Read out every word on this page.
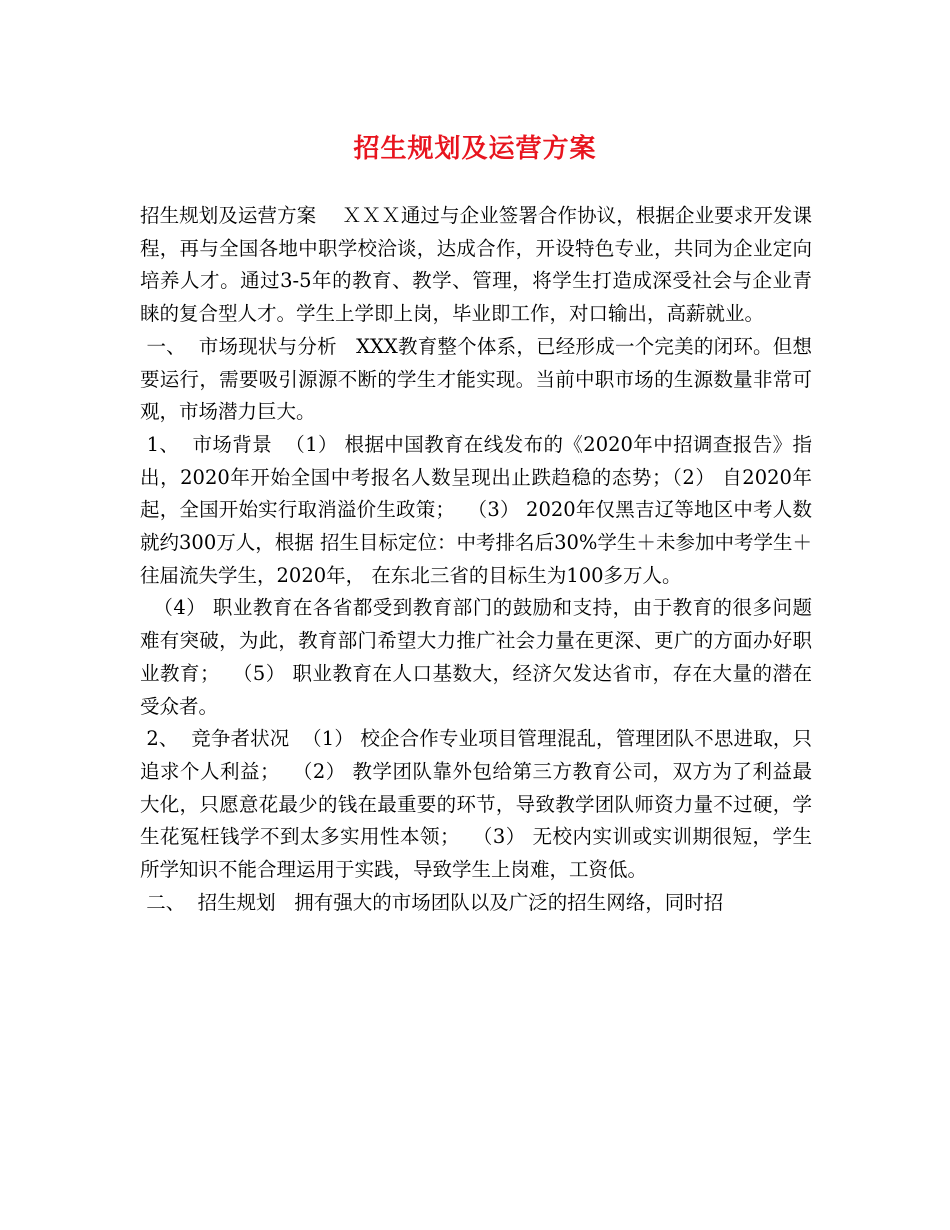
招生规划及运营方案

招生规划及运营方案 　ＸＸＸ通过与企业签署合作协议，根据企业要求开发课程，再与全国各地中职学校洽谈，达成合作，开设特色专业，共同为企业定向培养人才。通过3-5年的教育、教学、管理，将学生打造成深受社会与企业青睐的复合型人才。学生上学即上岗，毕业即工作，对口输出，高薪就业。

一、  市场现状与分析   XXX教育整个体系，已经形成一个完美的闭环。但想要运行，需要吸引源源不断的学生才能实现。当前中职市场的生源数量非常可观，市场潜力巨大。

1、  市场背景  （1） 根据中国教育在线发布的《2020年中招调查报告》指出，2020年开始全国中考报名人数呈现出止跌趋稳的态势；（2） 自2020年起，全国开始实行取消溢价生政策；  （3） 2020年仅黑吉辽等地区中考人数就约300万人，根据 招生目标定位：中考排名后30%学生＋未参加中考学生＋往届流失学生，2020年， 在东北三省的目标生为100多万人。

（4） 职业教育在各省都受到教育部门的鼓励和支持，由于教育的很多问题难有突破，为此，教育部门希望大力推广社会力量在更深、更广的方面办好职业教育；  （5） 职业教育在人口基数大，经济欠发达省市，存在大量的潜在受众者。

2、  竞争者状况  （1） 校企合作专业项目管理混乱，管理团队不思进取，只追求个人利益；  （2） 教学团队靠外包给第三方教育公司，双方为了利益最大化，只愿意花最少的钱在最重要的环节，导致教学团队师资力量不过硬，学生花冤枉钱学不到太多实用性本领；  （3） 无校内实训或实训期很短，学生所学知识不能合理运用于实践，导致学生上岗难，工资低。

二、  招生规划   拥有强大的市场团队以及广泛的招生网络，同时招
